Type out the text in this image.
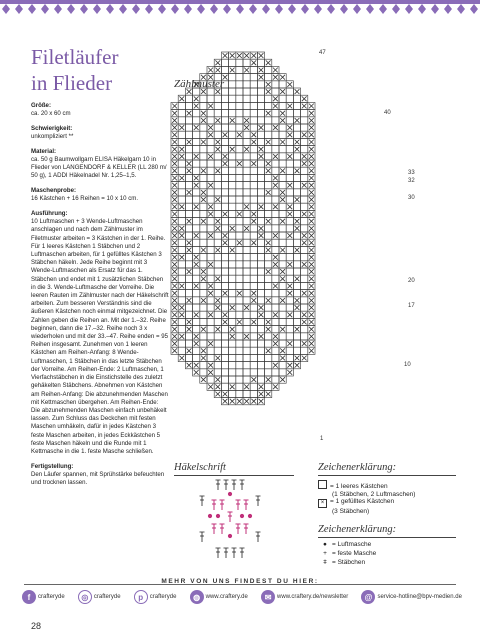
Filetläufer
in Flieder

Größe:

ca. 20 x 60 cm

Schwierigkeit:

unkompliziert **

Material:

ca. 50 g Baumwollgarn ELISA Häkelgarn 10 in Flieder von LANGENDORF & KELLER (LL 280 m/ 50 g), 1 ADDI Häkelnadel Nr. 1,25–1,5.

Maschenprobe:

16 Kästchen + 16 Reihen = 10 x 10 cm.

Ausführung:

10 Luftmaschen + 3 Wende-Luftmaschen anschlagen und nach dem Zählmuster im Filetmuster arbeiten = 3 Kästchen in der 1. Reihe. Für 1 leeres Kästchen 1 Stäbchen und 2 Luftmaschen arbeiten, für 1 gefülltes Kästchen 3 Stäbchen häkeln. Jede Reihe beginnt mit 3 Wende-Luftmaschen als Ersatz für das 1. Stäbchen und endet mit 1 zusätzlichen Stäbchen in die 3. Wende-Luftmasche der Vorreihe. Die leeren Rauten im Zählmuster nach der Häkelschrift arbeiten. Zum besseren Verständnis sind die äußeren Kästchen noch einmal mitgezeichnet. Die Zahlen geben die Reihen an. Mit der 1.–32. Reihe beginnen, dann die 17.–32. Reihe noch 3 x wiederholen und mit der 33.–47. Reihe enden = 95 Reihen insgesamt. Zunehmen von 1 leeren Kästchen am Reihen-Anfang: 8 Wende-Luftmaschen, 1 Stäbchen in das letzte Stäbchen der Vorreihe. Am Reihen-Ende: 2 Luftmaschen, 1 Vierfachstäbchen in die Einstichstelle des zuletzt gehäkelten Stäbchens. Abnehmen von Kästchen am Reihen-Anfang: Die abzunehmenden Maschen mit Kettmaschen übergehen. Am Reihen-Ende: Die abzunehmenden Maschen einfach unbehäkelt lassen. Zum Schluss das Deckchen mit festen Maschen umhäkeln, dafür in jedes Kästchen 3 feste Maschen arbeiten, in jedes Eckkästchen 5 feste Maschen häkeln und die Runde mit 1 Kettmasche in die 1. feste Masche schließen.

Fertigstellung:

Den Läufer spannen, mit Sprühstärke befeuchten und trocknen lassen.

Zählmuster
47
40
33
32
30
20
17
10
1
Häkelschrift	Zeichenerklärung:
= 1 leeres Kästchen
(1 Stäbchen, 2 Luftmaschen)
× = 1 gefülltes Kästchen
(3 Stäbchen)
Zeichenerklärung:
● = Luftmasche
+ = feste Masche
ǂ = Stäbchen
MEHR VON UNS FINDEST DU HIER:
f	crafteryde	◎ crafteryde	p	crafteryde	◍ www.craftery.de	✉ www.craftery.de/newsletter	@ service-hotline@bpv-medien.de
28
